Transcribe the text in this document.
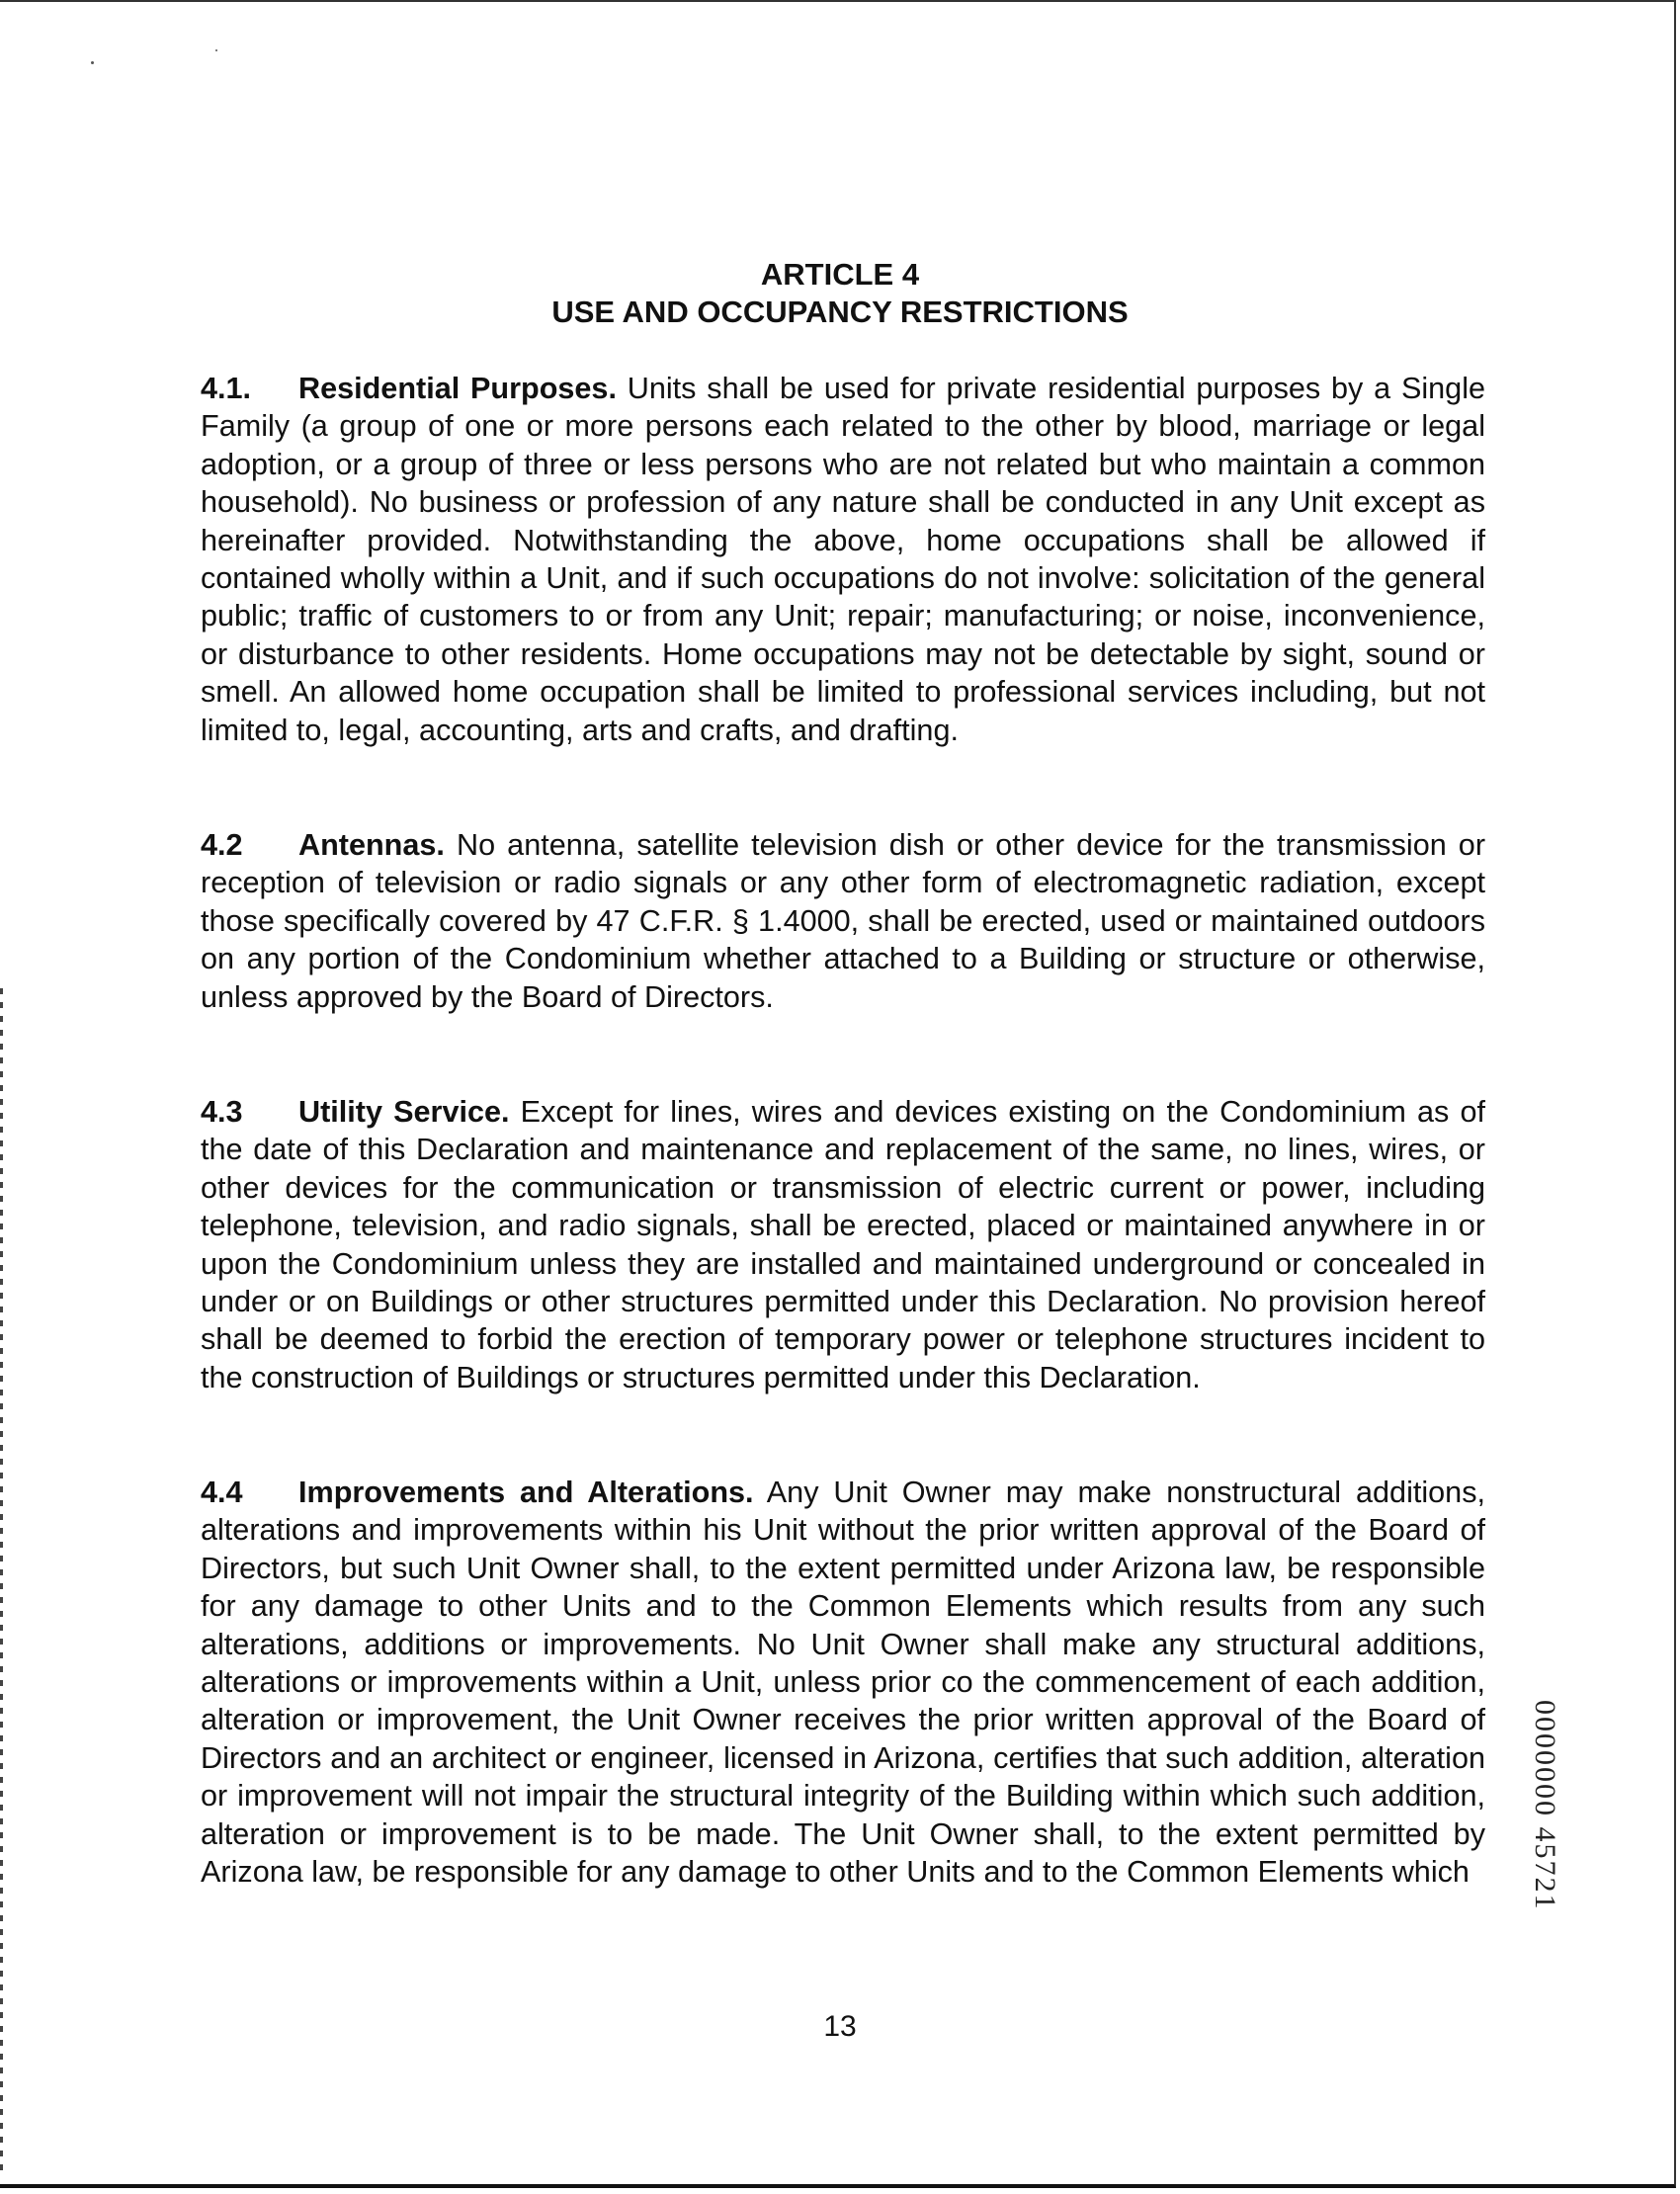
ARTICLE 4
USE AND OCCUPANCY RESTRICTIONS
4.1. Residential Purposes. Units shall be used for private residential purposes by a Single Family (a group of one or more persons each related to the other by blood, marriage or legal adoption, or a group of three or less persons who are not related but who maintain a common household). No business or profession of any nature shall be conducted in any Unit except as hereinafter provided. Notwithstanding the above, home occupations shall be allowed if contained wholly within a Unit, and if such occupations do not involve: solicitation of the general public; traffic of customers to or from any Unit; repair; manufacturing; or noise, inconvenience, or disturbance to other residents. Home occupations may not be detectable by sight, sound or smell. An allowed home occupation shall be limited to professional services including, but not limited to, legal, accounting, arts and crafts, and drafting.
4.2 Antennas. No antenna, satellite television dish or other device for the transmission or reception of television or radio signals or any other form of electromagnetic radiation, except those specifically covered by 47 C.F.R. § 1.4000, shall be erected, used or maintained outdoors on any portion of the Condominium whether attached to a Building or structure or otherwise, unless approved by the Board of Directors.
4.3 Utility Service. Except for lines, wires and devices existing on the Condominium as of the date of this Declaration and maintenance and replacement of the same, no lines, wires, or other devices for the communication or transmission of electric current or power, including telephone, television, and radio signals, shall be erected, placed or maintained anywhere in or upon the Condominium unless they are installed and maintained underground or concealed in under or on Buildings or other structures permitted under this Declaration. No provision hereof shall be deemed to forbid the erection of temporary power or telephone structures incident to the construction of Buildings or structures permitted under this Declaration.
4.4 Improvements and Alterations. Any Unit Owner may make nonstructural additions, alterations and improvements within his Unit without the prior written approval of the Board of Directors, but such Unit Owner shall, to the extent permitted under Arizona law, be responsible for any damage to other Units and to the Common Elements which results from any such alterations, additions or improvements. No Unit Owner shall make any structural additions, alterations or improvements within a Unit, unless prior co the commencement of each addition, alteration or improvement, the Unit Owner receives the prior written approval of the Board of Directors and an architect or engineer, licensed in Arizona, certifies that such addition, alteration or improvement will not impair the structural integrity of the Building within which such addition, alteration or improvement is to be made. The Unit Owner shall, to the extent permitted by Arizona law, be responsible for any damage to other Units and to the Common Elements which
13
0000000 45721
